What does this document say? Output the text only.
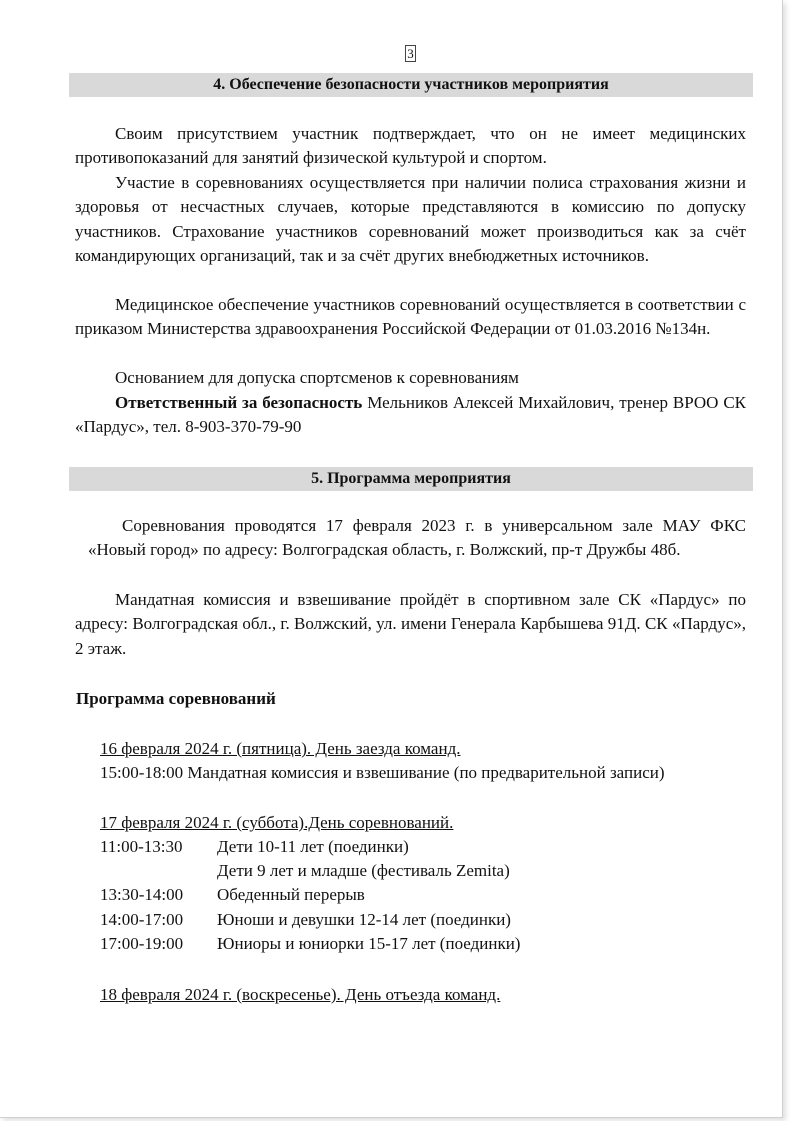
3
4. Обеспечение безопасности участников мероприятия

Своим присутствием участник подтверждает, что он не имеет медицинских противопоказаний для занятий физической культурой и спортом.

Участие в соревнованиях осуществляется при наличии полиса страхования жизни и здоровья от несчастных случаев, которые представляются в комиссию по допуску участников. Страхование участников соревнований может производиться как за счёт командирующих организаций, так и за счёт других внебюджетных источников.

Медицинское обеспечение участников соревнований осуществляется в соответствии с приказом Министерства здравоохранения Российской Федерации от 01.03.2016 №134н.

Основанием для допуска спортсменов к соревнованиям

Ответственный за безопасность Мельников Алексей Михайлович, тренер ВРОО СК «Пардус», тел. 8-903-370-79-90

5. Программа мероприятия

Соревнования проводятся 17 февраля 2023 г. в универсальном зале МАУ ФКС «Новый город» по адресу: Волгоградская область, г. Волжский, пр-т Дружбы 48б.

Мандатная комиссия и взвешивание пройдёт в спортивном зале СК «Пардус» по адресу: Волгоградская обл., г. Волжский, ул. имени Генерала Карбышева 91Д. СК «Пардус», 2 этаж.

Программа соревнований
16 февраля 2024 г. (пятница). День заезда команд.
15:00-18:00 Мандатная комиссия и взвешивание (по предварительной записи)
17 февраля 2024 г. (суббота).День соревнований.
11:00-13:30 Дети 10-11 лет (поединки)
Дети 9 лет и младше (фестиваль Zemita)
13:30-14:00 Обеденный перерыв
14:00-17:00 Юноши и девушки 12-14 лет (поединки)
17:00-19:00 Юниоры и юниорки 15-17 лет (поединки)
18 февраля 2024 г. (воскресенье). День отъезда команд.
